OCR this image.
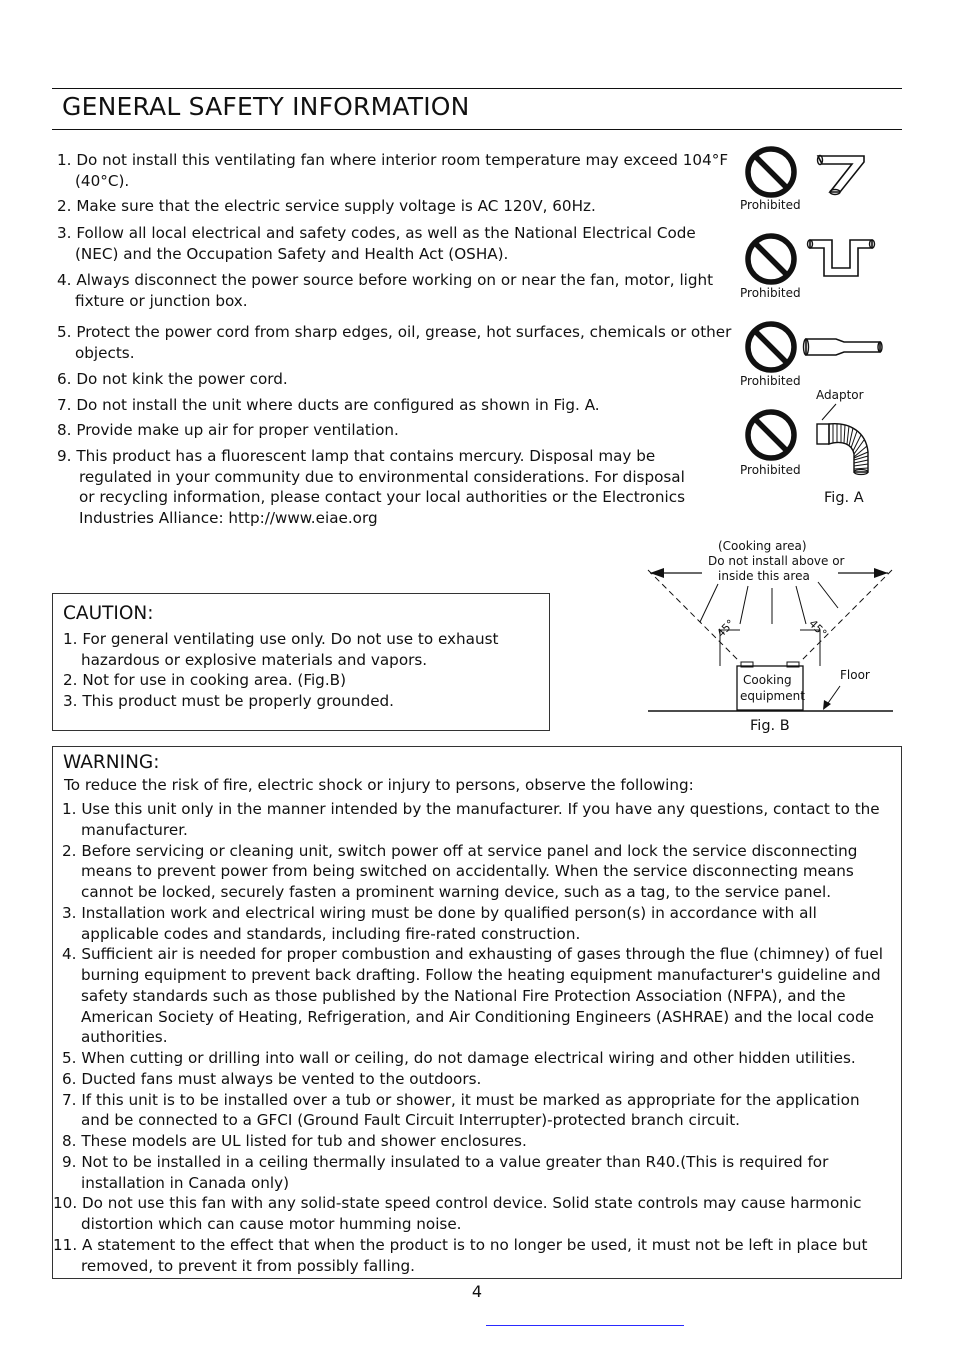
GENERAL SAFETY INFORMATION
1. Do not install this ventilating fan where interior room temperature may exceed 104°F (40°C).
2. Make sure that the electric service supply voltage is AC 120V, 60Hz.
3. Follow all local electrical and safety codes, as well as the National Electrical Code (NEC) and the Occupation Safety and Health Act (OSHA).
4. Always disconnect the power source before working on or near the fan, motor, light fixture or junction box.
5. Protect the power cord from sharp edges, oil, grease, hot surfaces, chemicals or other objects.
6. Do not kink the power cord.
7. Do not install the unit where ducts are configured as shown in Fig. A.
8. Provide make up air for proper ventilation.
9. This product has a fluorescent lamp that contains mercury. Disposal may be regulated in your community due to environmental considerations. For disposal or recycling information, please contact your local authorities or the Electronics Industries Alliance: http://www.eiae.org
Prohibited
Prohibited
Prohibited
Adaptor
Prohibited
Fig. A
CAUTION:
1. For general ventilating use only. Do not use to exhaust hazardous or explosive materials and vapors.
2. Not for use in cooking area. (Fig.B)
3. This product must be properly grounded.
(Cooking area)
Do not install above or
inside this area
45°	45°
Cooking
equipment
Floor
Fig. B
WARNING:
To reduce the risk of fire, electric shock or injury to persons, observe the following:
1. Use this unit only in the manner intended by the manufacturer. If you have any questions, contact to the manufacturer.
2. Before servicing or cleaning unit, switch power off at service panel and lock the service disconnecting means to prevent power from being switched on accidentally. When the service disconnecting means cannot be locked, securely fasten a prominent warning device, such as a tag, to the service panel.
3. Installation work and electrical wiring must be done by qualified person(s) in accordance with all applicable codes and standards, including fire-rated construction.
4. Sufficient air is needed for proper combustion and exhausting of gases through the flue (chimney) of fuel burning equipment to prevent back drafting. Follow the heating equipment manufacturer's guideline and safety standards such as those published by the National Fire Protection Association (NFPA), and the American Society of Heating, Refrigeration, and Air Conditioning Engineers (ASHRAE) and the local code authorities.
5. When cutting or drilling into wall or ceiling, do not damage electrical wiring and other hidden utilities.
6. Ducted fans must always be vented to the outdoors.
7. If this unit is to be installed over a tub or shower, it must be marked as appropriate for the application and be connected to a GFCI (Ground Fault Circuit Interrupter)-protected branch circuit.
8. These models are UL listed for tub and shower enclosures.
9. Not to be installed in a ceiling thermally insulated to a value greater than R40.(This is required for installation in Canada only)
10. Do not use this fan with any solid-state speed control device. Solid state controls may cause harmonic distortion which can cause motor humming noise.
11. A statement to the effect that when the product is to no longer be used, it must not be left in place but removed, to prevent it from possibly falling.
4
